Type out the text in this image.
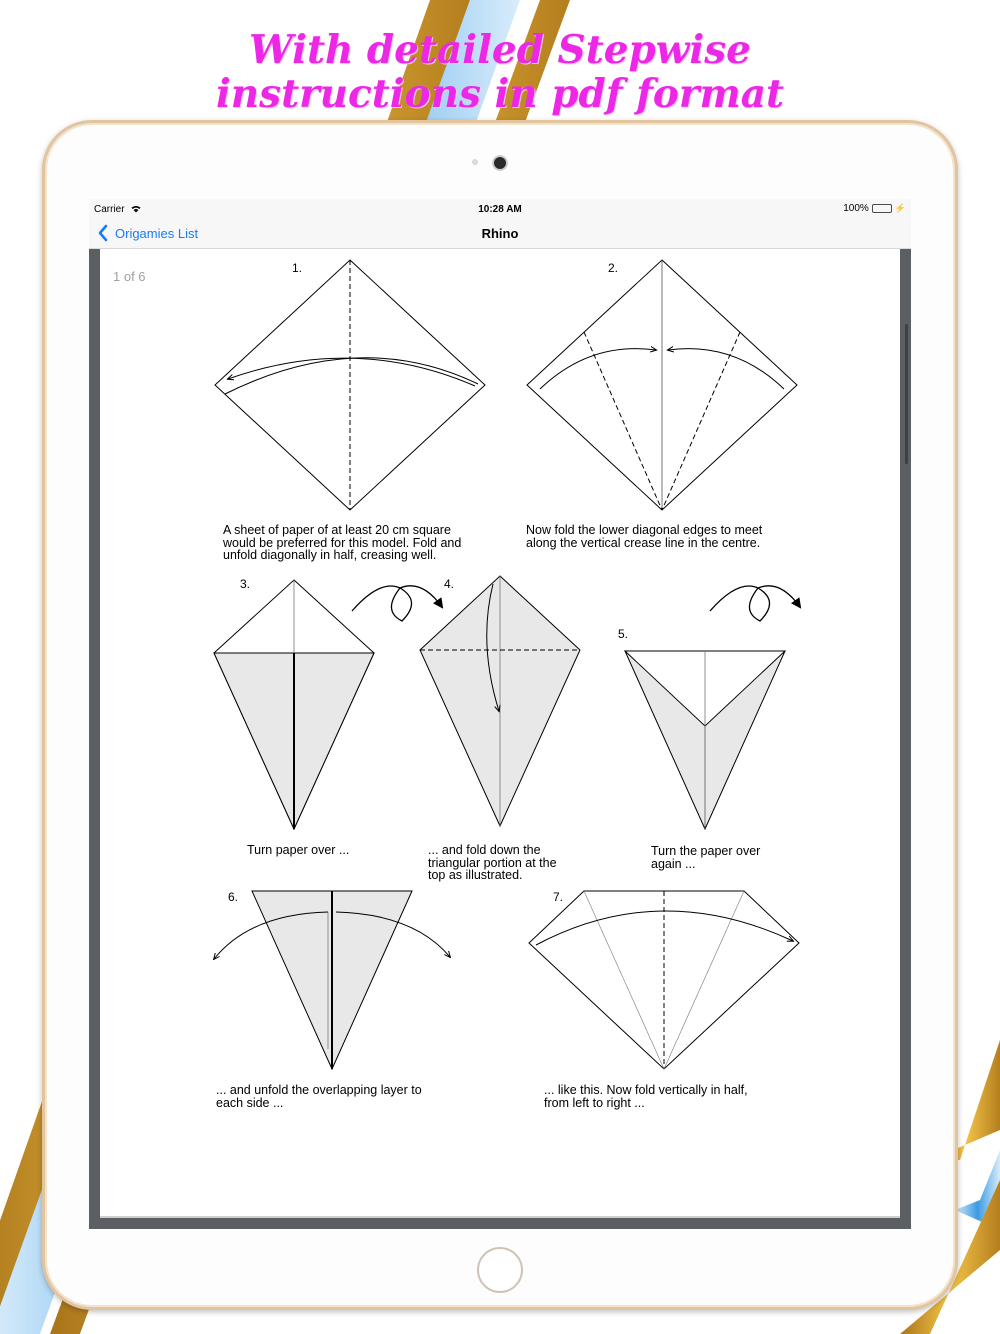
With detailed Stepwise
instructions in pdf format
Carrier	10:28 AM	100%	⚡
Origamies List	Rhino
1 of 6
1.	2.
3.	4.
5.
6.	7.
A sheet of paper of at least 20 cm square
would be preferred for this model. Fold and
unfold diagonally in half, creasing well.
Now fold the lower diagonal edges to meet
along the vertical crease line in the centre.
Turn paper over ...	... and fold down the
triangular portion at the
top as illustrated.
Turn the paper over
again ...
... and unfold the overlapping layer to
each side ...
... like this. Now fold vertically in half,
from left to right ...
